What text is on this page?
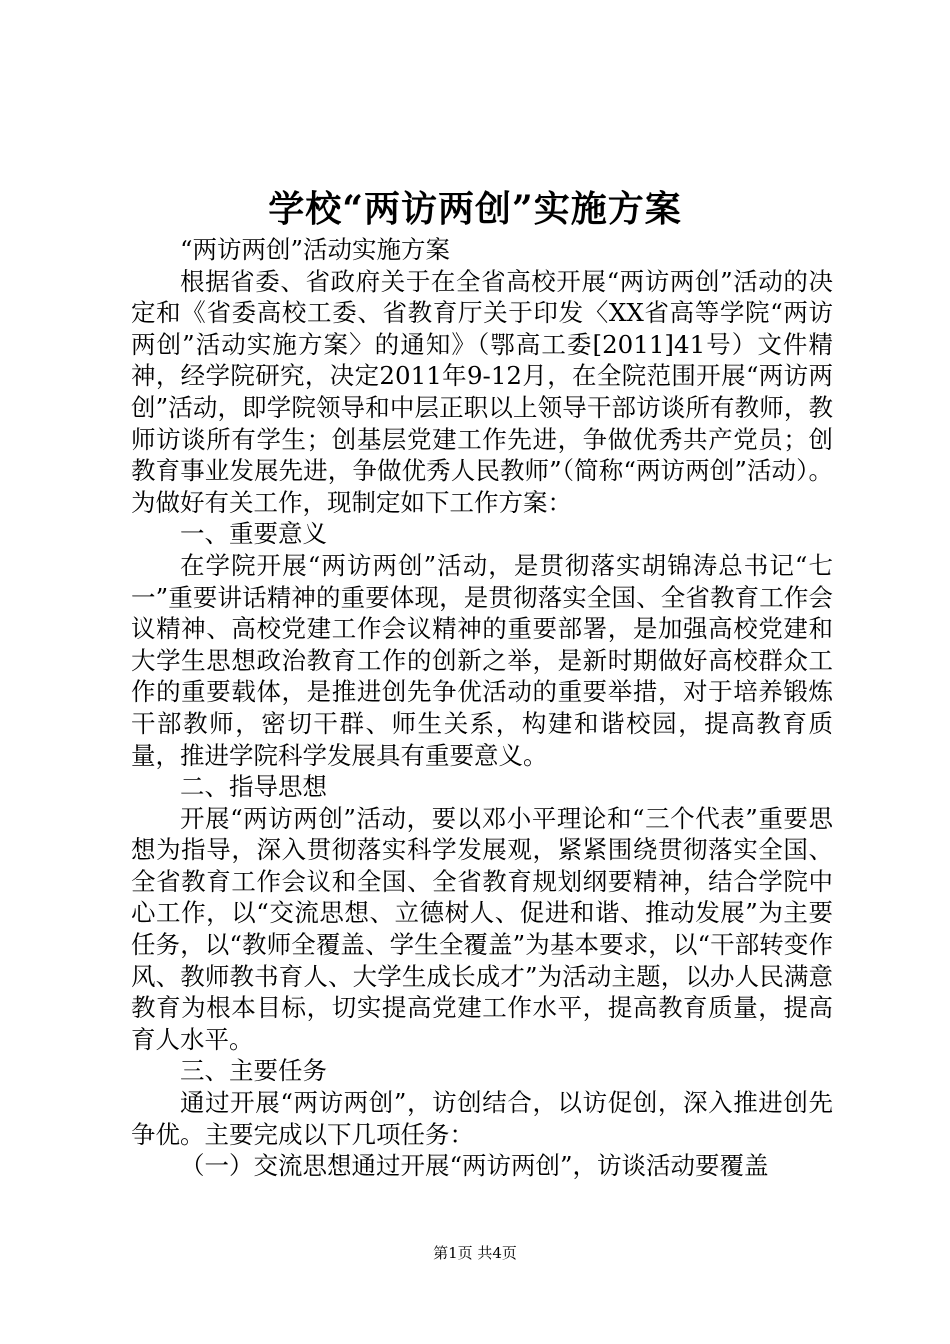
学校“两访两创”实施方案

“两访两创”活动实施方案

根据省委、省政府关于在全省高校开展“两访两创”活动的决定和《省委高校工委、省教育厅关于印发〈XX省高等学院“两访两创”活动实施方案〉的通知》（鄂高工委[2011]41号）文件精神，经学院研究，决定2011年9-12月，在全院范围开展“两访两创”活动，即学院领导和中层正职以上领导干部访谈所有教师，教师访谈所有学生；创基层党建工作先进，争做优秀共产党员；创教育事业发展先进，争做优秀人民教师”（简称“两访两创”活动）。为做好有关工作，现制定如下工作方案：

一、重要意义

在学院开展“两访两创”活动，是贯彻落实胡锦涛总书记“七一”重要讲话精神的重要体现，是贯彻落实全国、全省教育工作会议精神、高校党建工作会议精神的重要部署，是加强高校党建和大学生思想政治教育工作的创新之举，是新时期做好高校群众工作的重要载体，是推进创先争优活动的重要举措，对于培养锻炼干部教师，密切干群、师生关系，构建和谐校园，提高教育质量，推进学院科学发展具有重要意义。

二、指导思想

开展“两访两创”活动，要以邓小平理论和“三个代表”重要思想为指导，深入贯彻落实科学发展观，紧紧围绕贯彻落实全国、全省教育工作会议和全国、全省教育规划纲要精神，结合学院中心工作，以“交流思想、立德树人、促进和谐、推动发展”为主要任务，以“教师全覆盖、学生全覆盖”为基本要求，以“干部转变作风、教师教书育人、大学生成长成才”为活动主题，以办人民满意教育为根本目标，切实提高党建工作水平，提高教育质量，提高育人水平。

三、主要任务

通过开展“两访两创”，访创结合，以访促创，深入推进创先争优。主要完成以下几项任务：

（一）交流思想通过开展“两访两创”，访谈活动要覆盖

第1页 共4页
